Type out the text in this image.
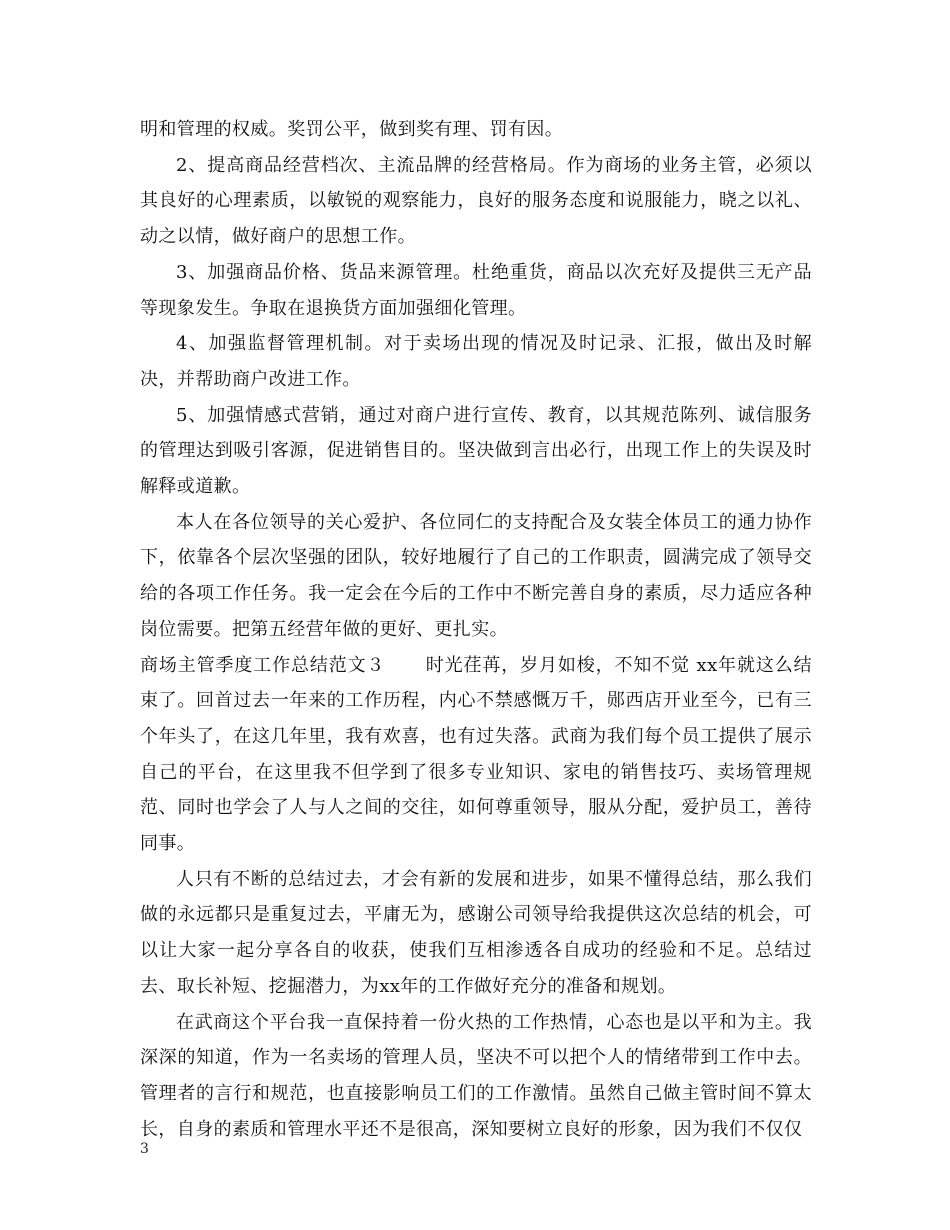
明和管理的权威。奖罚公平，做到奖有理、罚有因。

2、提高商品经营档次、主流品牌的经营格局。作为商场的业务主管，必须以其良好的心理素质，以敏锐的观察能力，良好的服务态度和说服能力，晓之以礼、动之以情，做好商户的思想工作。

3、加强商品价格、货品来源管理。杜绝重货，商品以次充好及提供三无产品等现象发生。争取在退换货方面加强细化管理。

4、加强监督管理机制。对于卖场出现的情况及时记录、汇报，做出及时解决，并帮助商户改进工作。

5、加强情感式营销，通过对商户进行宣传、教育，以其规范陈列、诚信服务的管理达到吸引客源，促进销售目的。坚决做到言出必行，出现工作上的失误及时解释或道歉。

本人在各位领导的关心爱护、各位同仁的支持配合及女装全体员工的通力协作下，依靠各个层次坚强的团队，较好地履行了自己的工作职责，圆满完成了领导交给的各项工作任务。我一定会在今后的工作中不断完善自身的素质，尽力适应各种岗位需要。把第五经营年做的更好、更扎实。

商场主管季度工作总结范文３ 时光荏苒，岁月如梭，不知不觉 xx年就这么结束了。回首过去一年来的工作历程，内心不禁感慨万千，郧西店开业至今，已有三个年头了，在这几年里，我有欢喜，也有过失落。武商为我们每个员工提供了展示自己的平台，在这里我不但学到了很多专业知识、家电的销售技巧、卖场管理规范、同时也学会了人与人之间的交往，如何尊重领导，服从分配，爱护员工，善待同事。

人只有不断的总结过去，才会有新的发展和进步，如果不懂得总结，那么我们做的永远都只是重复过去，平庸无为，感谢公司领导给我提供这次总结的机会，可以让大家一起分享各自的收获，使我们互相渗透各自成功的经验和不足。总结过去、取长补短、挖掘潜力，为xx年的工作做好充分的准备和规划。

在武商这个平台我一直保持着一份火热的工作热情，心态也是以平和为主。我深深的知道，作为一名卖场的管理人员，坚决不可以把个人的情绪带到工作中去。管理者的言行和规范，也直接影响员工们的工作激情。虽然自己做主管时间不算太长，自身的素质和管理水平还不是很高，深知要树立良好的形象，因为我们不仅仅

3
